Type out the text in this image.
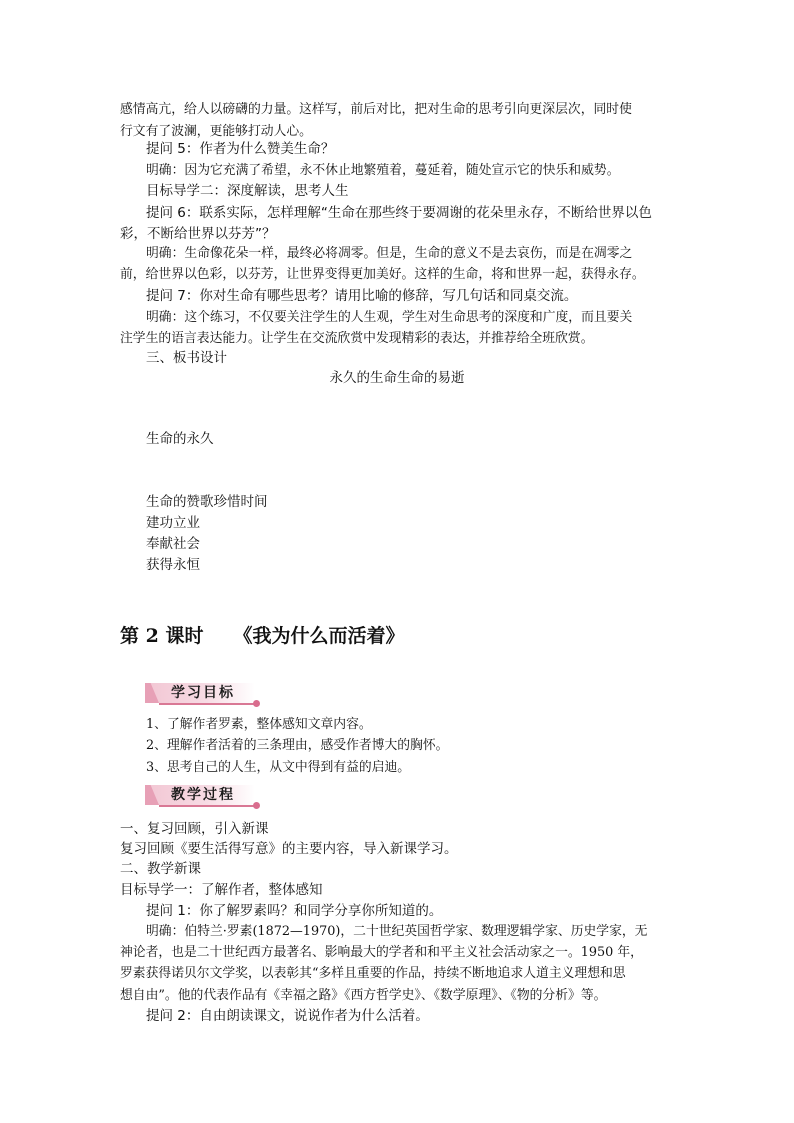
感情高亢，给人以磅礴的力量。这样写，前后对比，把对生命的思考引向更深层次，同时使

行文有了波澜，更能够打动人心。

提问 5：作者为什么赞美生命？

明确：因为它充满了希望，永不休止地繁殖着，蔓延着，随处宣示它的快乐和威势。

目标导学二：深度解读，思考人生

提问 6：联系实际，怎样理解“生命在那些终于要凋谢的花朵里永存，不断给世界以色

彩，不断给世界以芬芳”？

明确：生命像花朵一样，最终必将凋零。但是，生命的意义不是去哀伤，而是在凋零之

前，给世界以色彩，以芬芳，让世界变得更加美好。这样的生命，将和世界一起，获得永存。

提问 7：你对生命有哪些思考？请用比喻的修辞，写几句话和同桌交流。

明确：这个练习，不仅要关注学生的人生观，学生对生命思考的深度和广度，而且要关

注学生的语言表达能力。让学生在交流欣赏中发现精彩的表达，并推荐给全班欣赏。

三、板书设计

永久的生命生命的易逝

生命的永久

生命的赞歌珍惜时间

建功立业

奉献社会

获得永恒

第 2 课时 《我为什么而活着》
学习目标

1、了解作者罗素，整体感知文章内容。

2、理解作者活着的三条理由，感受作者博大的胸怀。

3、思考自己的人生，从文中得到有益的启迪。

教学过程

一、复习回顾，引入新课

复习回顾《要生活得写意》的主要内容，导入新课学习。

二、教学新课

目标导学一：了解作者，整体感知

提问 1：你了解罗素吗？和同学分享你所知道的。

明确：伯特兰·罗素(1872—1970)，二十世纪英国哲学家、数理逻辑学家、历史学家，无

神论者，也是二十世纪西方最著名、影响最大的学者和和平主义社会活动家之一。1950 年，

罗素获得诺贝尔文学奖，以表彰其“多样且重要的作品，持续不断地追求人道主义理想和思

想自由”。他的代表作品有《幸福之路》《西方哲学史》、《数学原理》、《物的分析》等。

提问 2：自由朗读课文，说说作者为什么活着。
